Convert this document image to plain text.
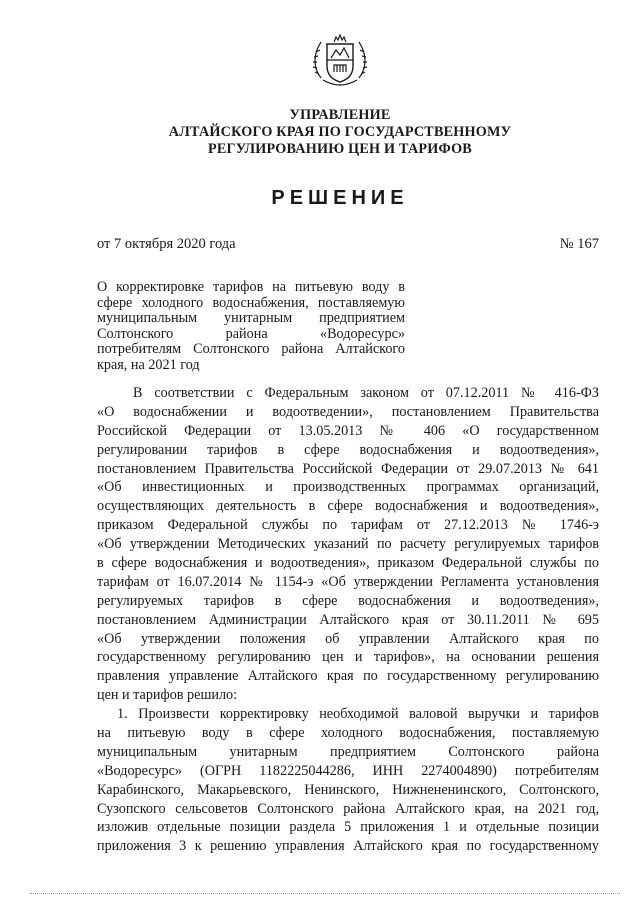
УПРАВЛЕНИЕ
АЛТАЙСКОГО КРАЯ ПО ГОСУДАРСТВЕННОМУ
РЕГУЛИРОВАНИЮ ЦЕН И ТАРИФОВ
РЕШЕНИЕ
от 7 октября 2020 года	№ 167
О корректировке тарифов на питьевую воду в
сфере холодного водоснабжения, поставляемую
муниципальным унитарным предприятием
Солтонского района «Водоресурс»
потребителям Солтонского района Алтайского
края, на 2021 год
В соответствии с Федеральным законом от 07.12.2011 № 416-ФЗ
«О водоснабжении и водоотведении», постановлением Правительства
Российской Федерации от 13.05.2013 № 406 «О государственном
регулировании тарифов в сфере водоснабжения и водоотведения»,
постановлением Правительства Российской Федерации от 29.07.2013 № 641
«Об инвестиционных и производственных программах организаций,
осуществляющих деятельность в сфере водоснабжения и водоотведения»,
приказом Федеральной службы по тарифам от 27.12.2013 № 1746-э
«Об утверждении Методических указаний по расчету регулируемых тарифов
в сфере водоснабжения и водоотведения», приказом Федеральной службы по
тарифам от 16.07.2014 № 1154-э «Об утверждении Регламента установления
регулируемых тарифов в сфере водоснабжения и водоотведения»,
постановлением Администрации Алтайского края от 30.11.2011 № 695
«Об утверждении положения об управлении Алтайского края по
государственному регулированию цен и тарифов», на основании решения
правления управление Алтайского края по государственному регулированию
цен и тарифов решило:
1. Произвести корректировку необходимой валовой выручки и тарифов
на питьевую воду в сфере холодного водоснабжения, поставляемую
муниципальным унитарным предприятием Солтонского района
«Водоресурс» (ОГРН 1182225044286, ИНН 2274004890) потребителям
Карабинского, Макарьевского, Ненинского, Нижнененинского, Солтонского,
Сузопского сельсоветов Солтонского района Алтайского края, на 2021 год,
изложив отдельные позиции раздела 5 приложения 1 и отдельные позиции
приложения 3 к решению управления Алтайского края по государственному
